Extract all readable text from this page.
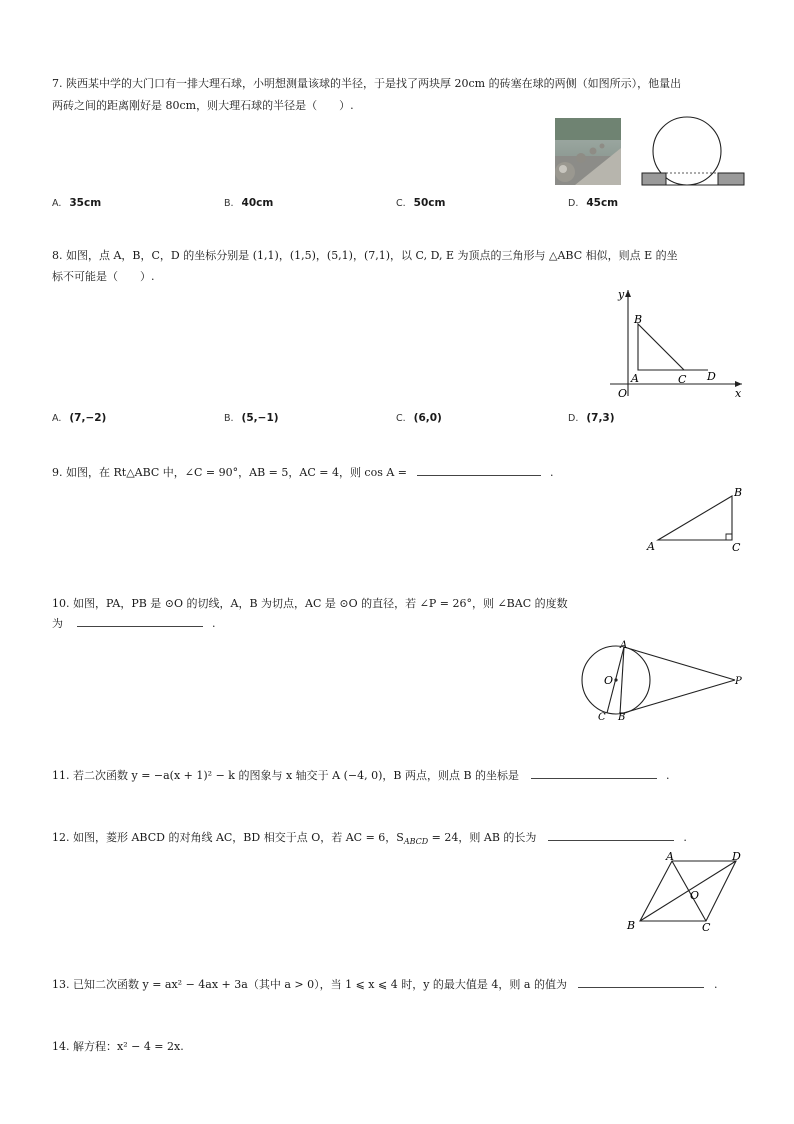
7. 陕西某中学的大门口有一排大理石球，小明想测量该球的半径，于是找了两块厚 20cm 的砖塞在球的两侧（如图所示），他量出
两砖之间的距离刚好是 80cm，则大理石球的半径是（　　）.
A. 35cm	B. 40cm	C. 50cm	D. 45cm
8. 如图，点 A，B，C，D 的坐标分别是 (1,1)，(1,5)，(5,1)，(7,1)，以 C, D, E 为顶点的三角形与 △ABC 相似，则点 E 的坐
标不可能是（　　）.
y
x
O
A
B
C D
A. (7,−2)	B. (5,−1)	C. (6,0)	D. (7,3)
9. 如图，在 Rt△ABC 中，∠C = 90°，AB = 5，AC = 4，则 cos A =	.
A
B
C
10. 如图，PA，PB 是 ⊙O 的切线，A，B 为切点，AC 是 ⊙O 的直径，若 ∠P = 26°，则 ∠BAC 的度数
为	.
A
O	P
C B
11. 若二次函数 y = −a(x + 1)² − k 的图象与 x 轴交于 A (−4, 0)，B 两点，则点 B 的坐标是	.
12. 如图，菱形 ABCD 的对角线 AC，BD 相交于点 O，若 AC = 6，$S_{ABCD} = 24$，则 AB 的长为	.
A	D
O
B	C
13. 已知二次函数 y = ax² − 4ax + 3a（其中 a > 0），当 1 ⩽ x ⩽ 4 时，y 的最大值是 4，则 a 的值为	.
14. 解方程：x² − 4 = 2x.
